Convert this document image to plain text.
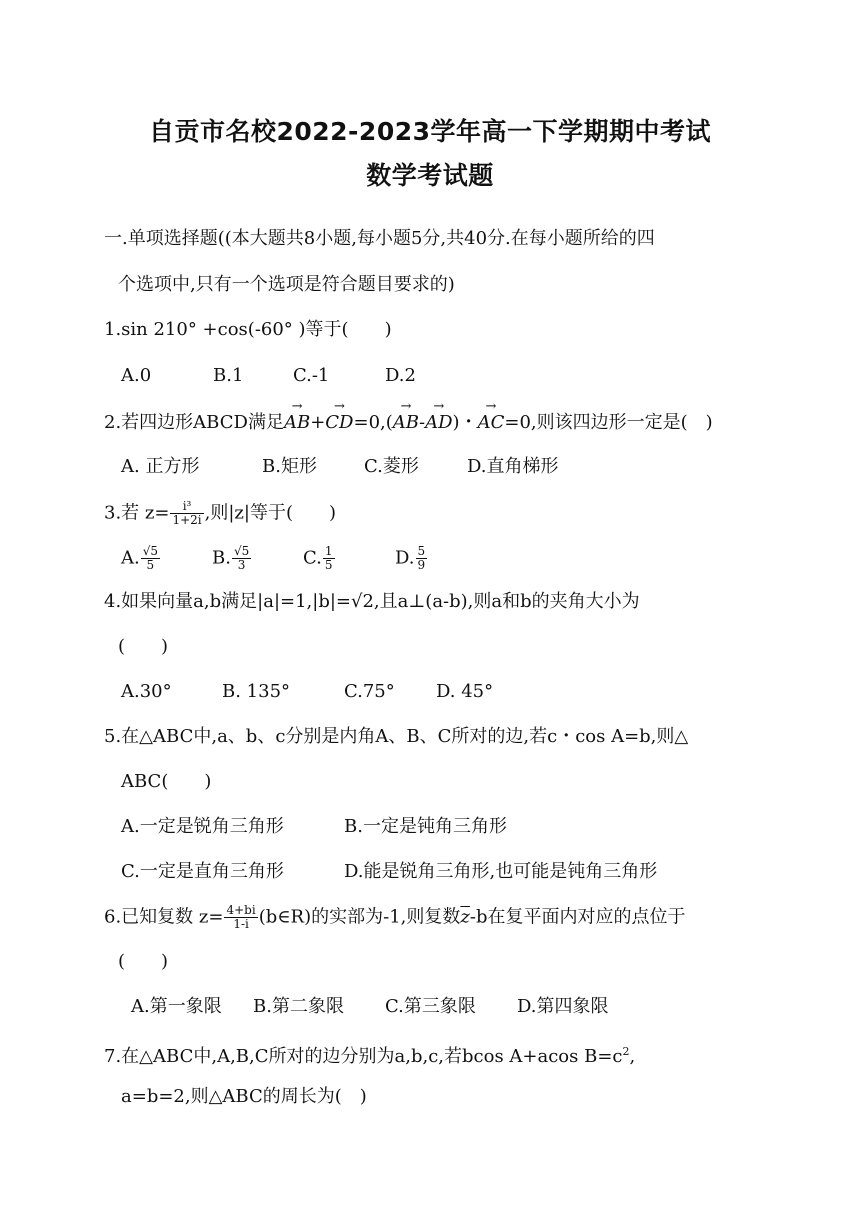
自贡市名校2022-2023学年高一下学期期中考试
数学考试题
一.单项选择题((本大题共8小题,每小题5分,共40分.在每小题所给的四
个选项中,只有一个选项是符合题目要求的)
1.sin 210° +cos(-60° )等于(　　)
A.0	B.1	C.-1	D.2
2.若四边形ABCD满足→ AB+→ CD=0,(→ AB-→ AD)・→ AC=0,则该四边形一定是(　)
A. 正方形	B.矩形	C.菱形	D.直角梯形
3.若 $z= \frac{\text{i³}}{1+2i}$ ,则|z|等于(　　)
A. $\frac{√5}{5}$	B. $\frac{√5}{3}$	C. $\frac{1}{5}$	D. $\frac{5}{9}$
4.如果向量a,b满足|a|=1,|b|=√2,且a⊥(a-b),则a和b的夹角大小为
(　　)
A.30°	B. 135°	C.75° D. 45°
5.在△ABC中,a、b、c分别是内角A、B、C所对的边,若c・cos A=b,则△
ABC(　　)
A.一定是锐角三角形	B.一定是钝角三角形
C.一定是直角三角形	D.能是锐角三角形,也可能是钝角三角形
6.已知复数 $z= \frac{4+bi}{1-i}$ (b∈R)的实部为-1,则复数$\overline{z}-b$在复平面内对应的点位于
(　　)
A.第一象限 B.第二象限 C.第三象限 D.第四象限
7.在△ABC中,A,B,C所对的边分别为a,b,c,若bcos A+acos $B=c^2$,
a=b=2,则△ABC的周长为(　)
